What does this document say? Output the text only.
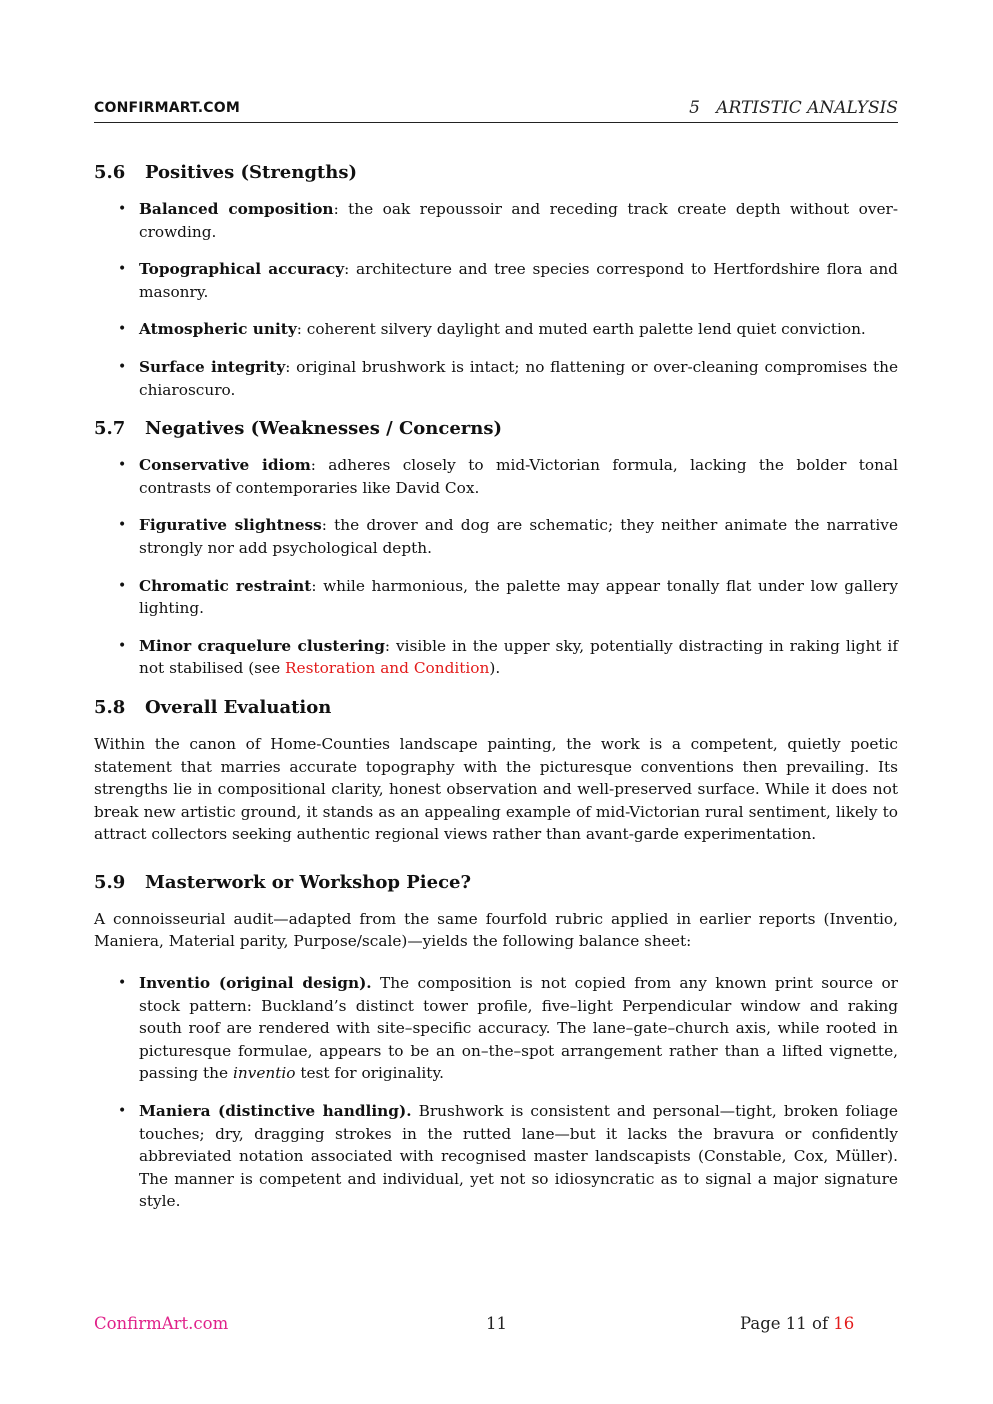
CONFIRMART.COM	5   ARTISTIC ANALYSIS
5.6 Positives (Strengths)
• Balanced composition: the oak repoussoir and receding track create depth without over-crowding.
• Topographical accuracy: architecture and tree species correspond to Hertfordshire flora and masonry.
• Atmospheric unity: coherent silvery daylight and muted earth palette lend quiet conviction.
• Surface integrity: original brushwork is intact; no flattening or over-cleaning compromises the chiaroscuro.
5.7 Negatives (Weaknesses / Concerns)
• Conservative idiom: adheres closely to mid-Victorian formula, lacking the bolder tonal contrasts of contemporaries like David Cox.
• Figurative slightness: the drover and dog are schematic; they neither animate the narrative strongly nor add psychological depth.
• Chromatic restraint: while harmonious, the palette may appear tonally flat under low gallery lighting.
• Minor craquelure clustering: visible in the upper sky, potentially distracting in raking light if not stabilised (see Restoration and Condition).
5.8 Overall Evaluation

Within the canon of Home-Counties landscape painting, the work is a competent, quietly poetic statement that marries accurate topography with the picturesque conventions then prevailing. Its strengths lie in compositional clarity, honest observation and well-preserved surface. While it does not break new artistic ground, it stands as an appealing example of mid-Victorian rural sentiment, likely to attract collectors seeking authentic regional views rather than avant-garde experimentation.

5.9 Masterwork or Workshop Piece?

A connoisseurial audit—adapted from the same fourfold rubric applied in earlier reports (Inventio, Maniera, Material parity, Purpose/scale)—yields the following balance sheet:

• Inventio (original design). The composition is not copied from any known print source or stock pattern: Buckland’s distinct tower profile, five–light Perpendicular window and raking south roof are rendered with site–specific accuracy. The lane–gate–church axis, while rooted in picturesque formulae, appears to be an on–the–spot arrangement rather than a lifted vignette, passing the inventio test for originality.
• Maniera (distinctive handling). Brushwork is consistent and personal—tight, broken foliage touches; dry, dragging strokes in the rutted lane—but it lacks the bravura or confidently abbreviated notation associated with recognised master landscapists (Constable, Cox, Müller). The manner is competent and individual, yet not so idiosyncratic as to signal a major signature style.
ConfirmArt.com	11	Page 11 of 16
